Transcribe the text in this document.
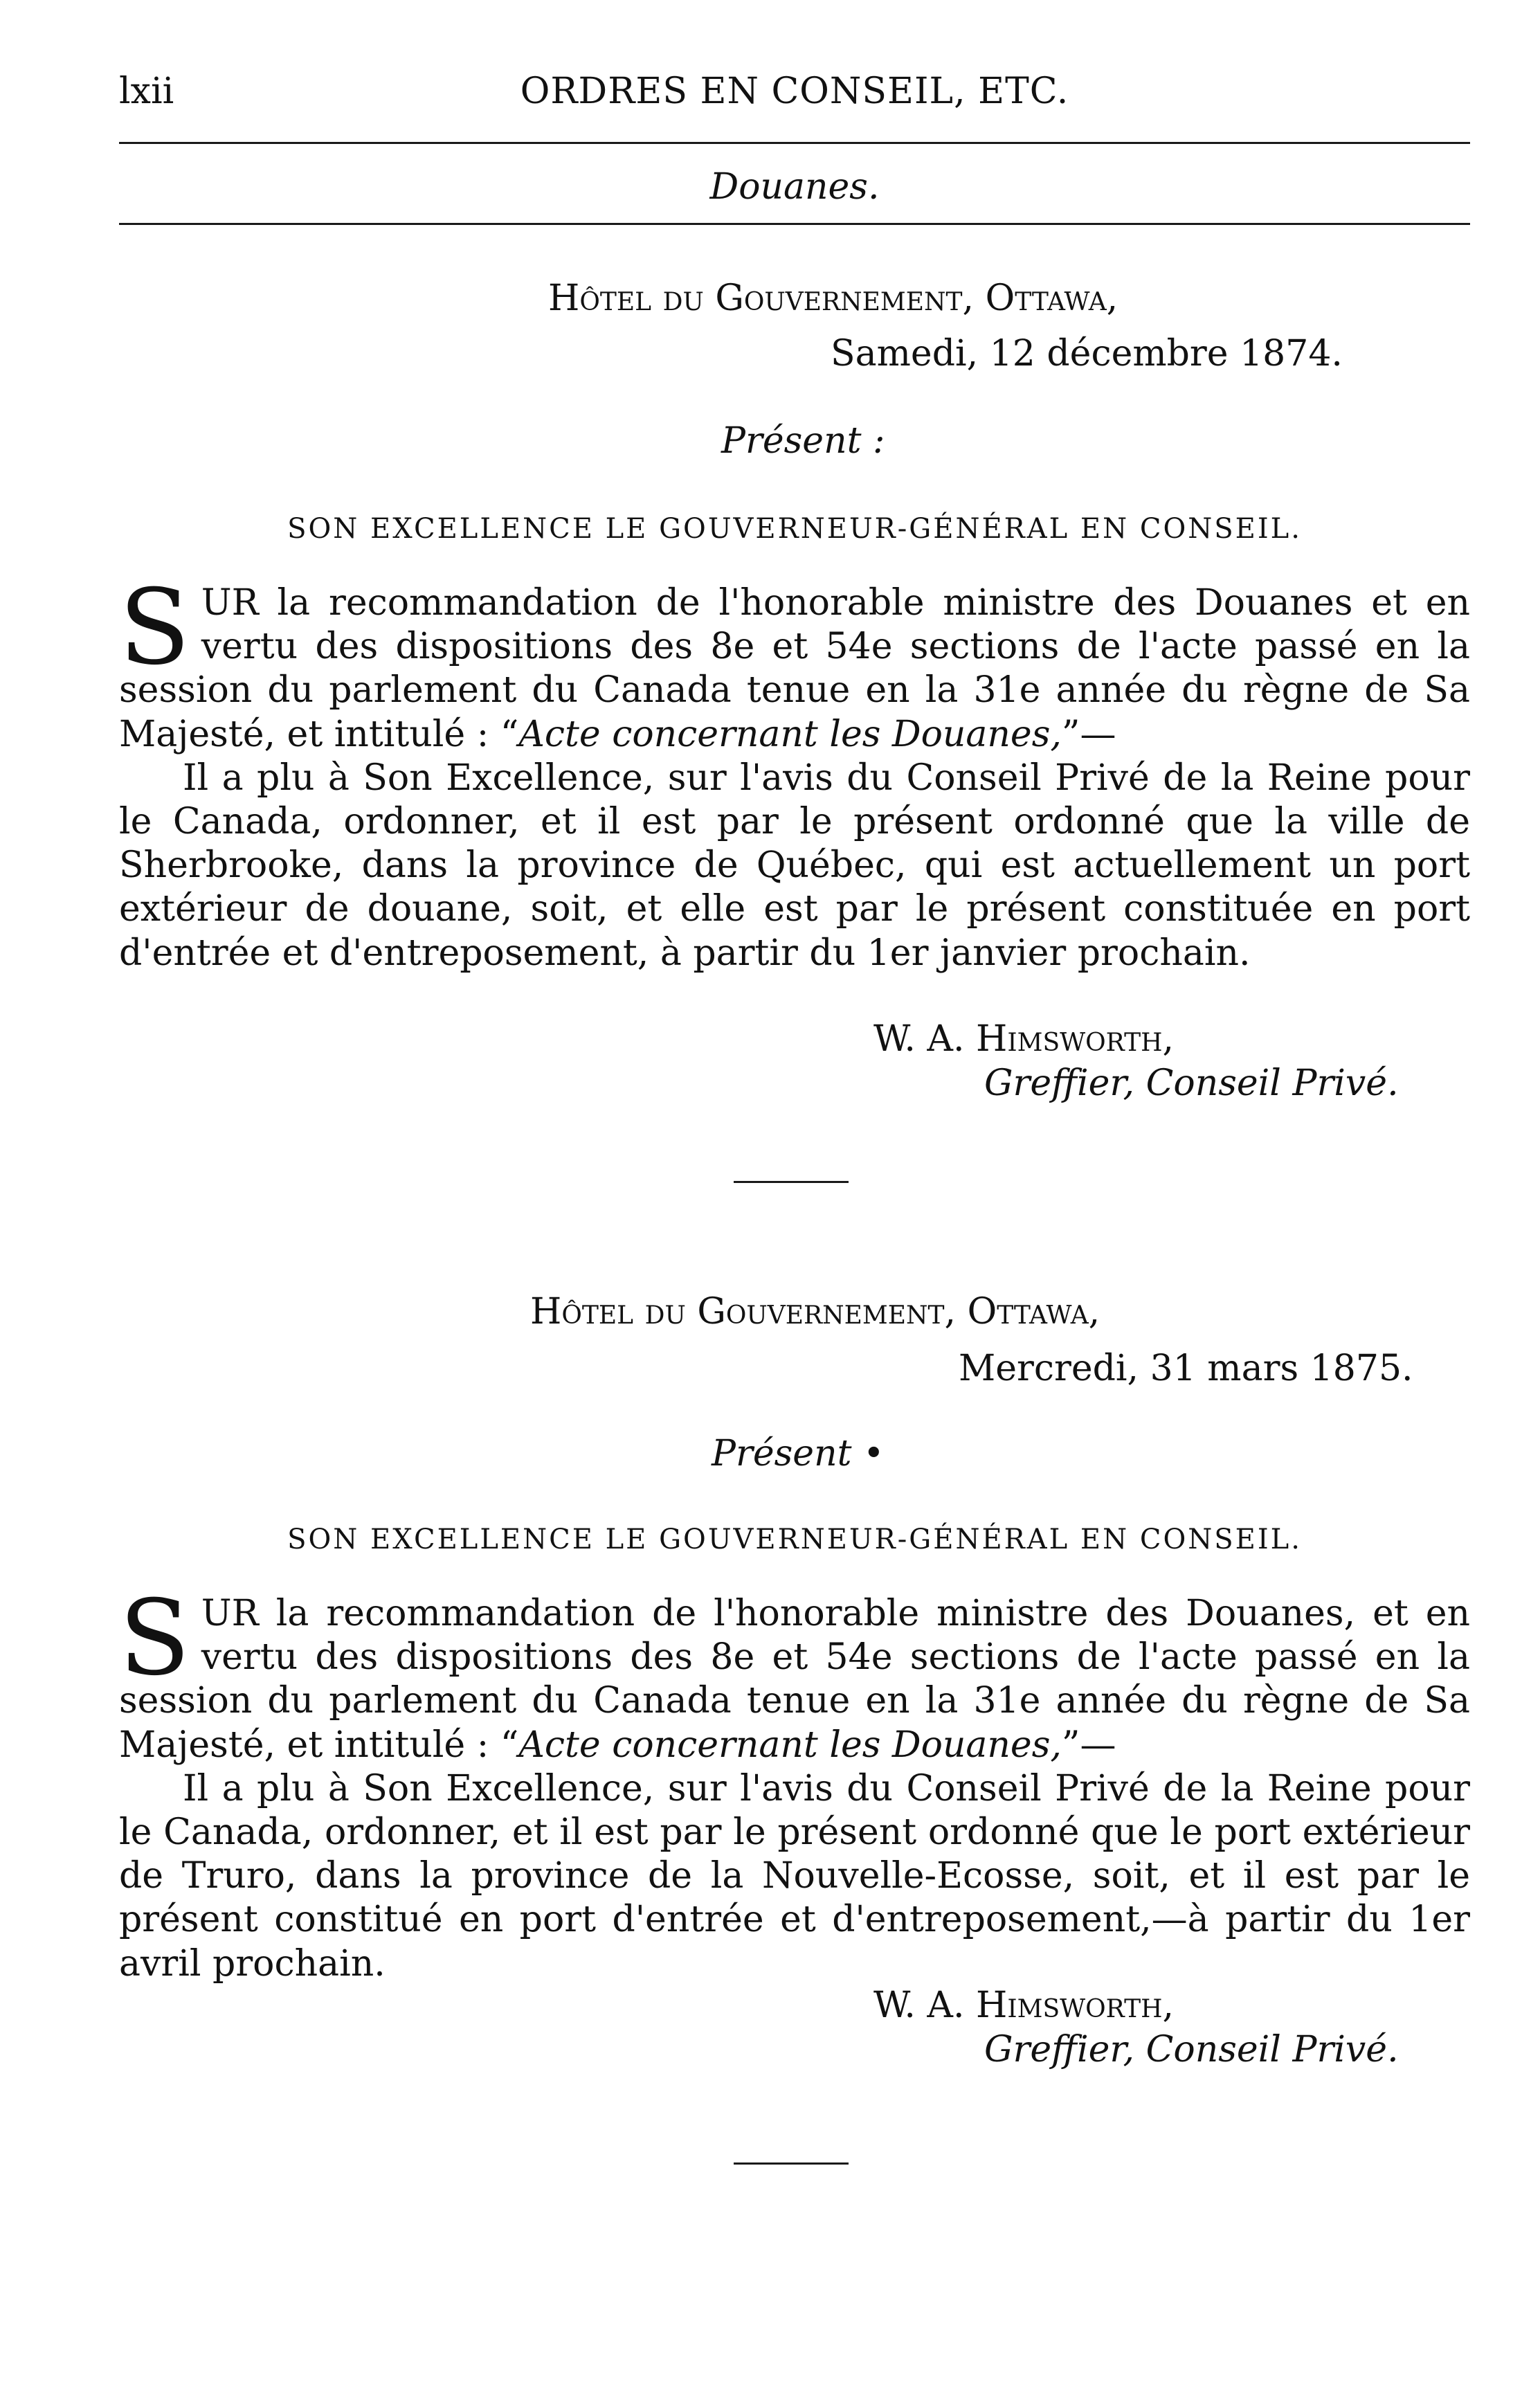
lxii	ORDRES EN CONSEIL, ETC.
Douanes.
Hôtel du Gouvernement, Ottawa,
Samedi, 12 décembre 1874.
Présent :
SON EXCELLENCE LE GOUVERNEUR-GÉNÉRAL EN CONSEIL.

SUR la recommandation de l'honorable ministre des Douanes et en vertu des dispositions des 8e et 54e sections de l'acte passé en la session du parlement du Canada tenue en la 31e année du règne de Sa Majesté, et intitulé : “Acte concernant les Douanes,”—

Il a plu à Son Excellence, sur l'avis du Conseil Privé de la Reine pour le Canada, ordonner, et il est par le présent ordonné que la ville de Sherbrooke, dans la province de Québec, qui est actuellement un port extérieur de douane, soit, et elle est par le présent constituée en port d'entrée et d'entreposement, à partir du 1er janvier prochain.

W. A. Himsworth,
Greffier, Conseil Privé.
Hôtel du Gouvernement, Ottawa,
Mercredi, 31 mars 1875.
Présent •
SON EXCELLENCE LE GOUVERNEUR-GÉNÉRAL EN CONSEIL.

SUR la recommandation de l'honorable ministre des Douanes, et en vertu des dispositions des 8e et 54e sections de l'acte passé en la session du parlement du Canada tenue en la 31e année du règne de Sa Majesté, et intitulé : “Acte concernant les Douanes,”—

Il a plu à Son Excellence, sur l'avis du Conseil Privé de la Reine pour le Canada, ordonner, et il est par le présent ordonné que le port extérieur de Truro, dans la province de la Nouvelle-Ecosse, soit, et il est par le présent constitué en port d'entrée et d'entreposement,—à partir du 1er avril prochain.

W. A. Himsworth,
Greffier, Conseil Privé.
